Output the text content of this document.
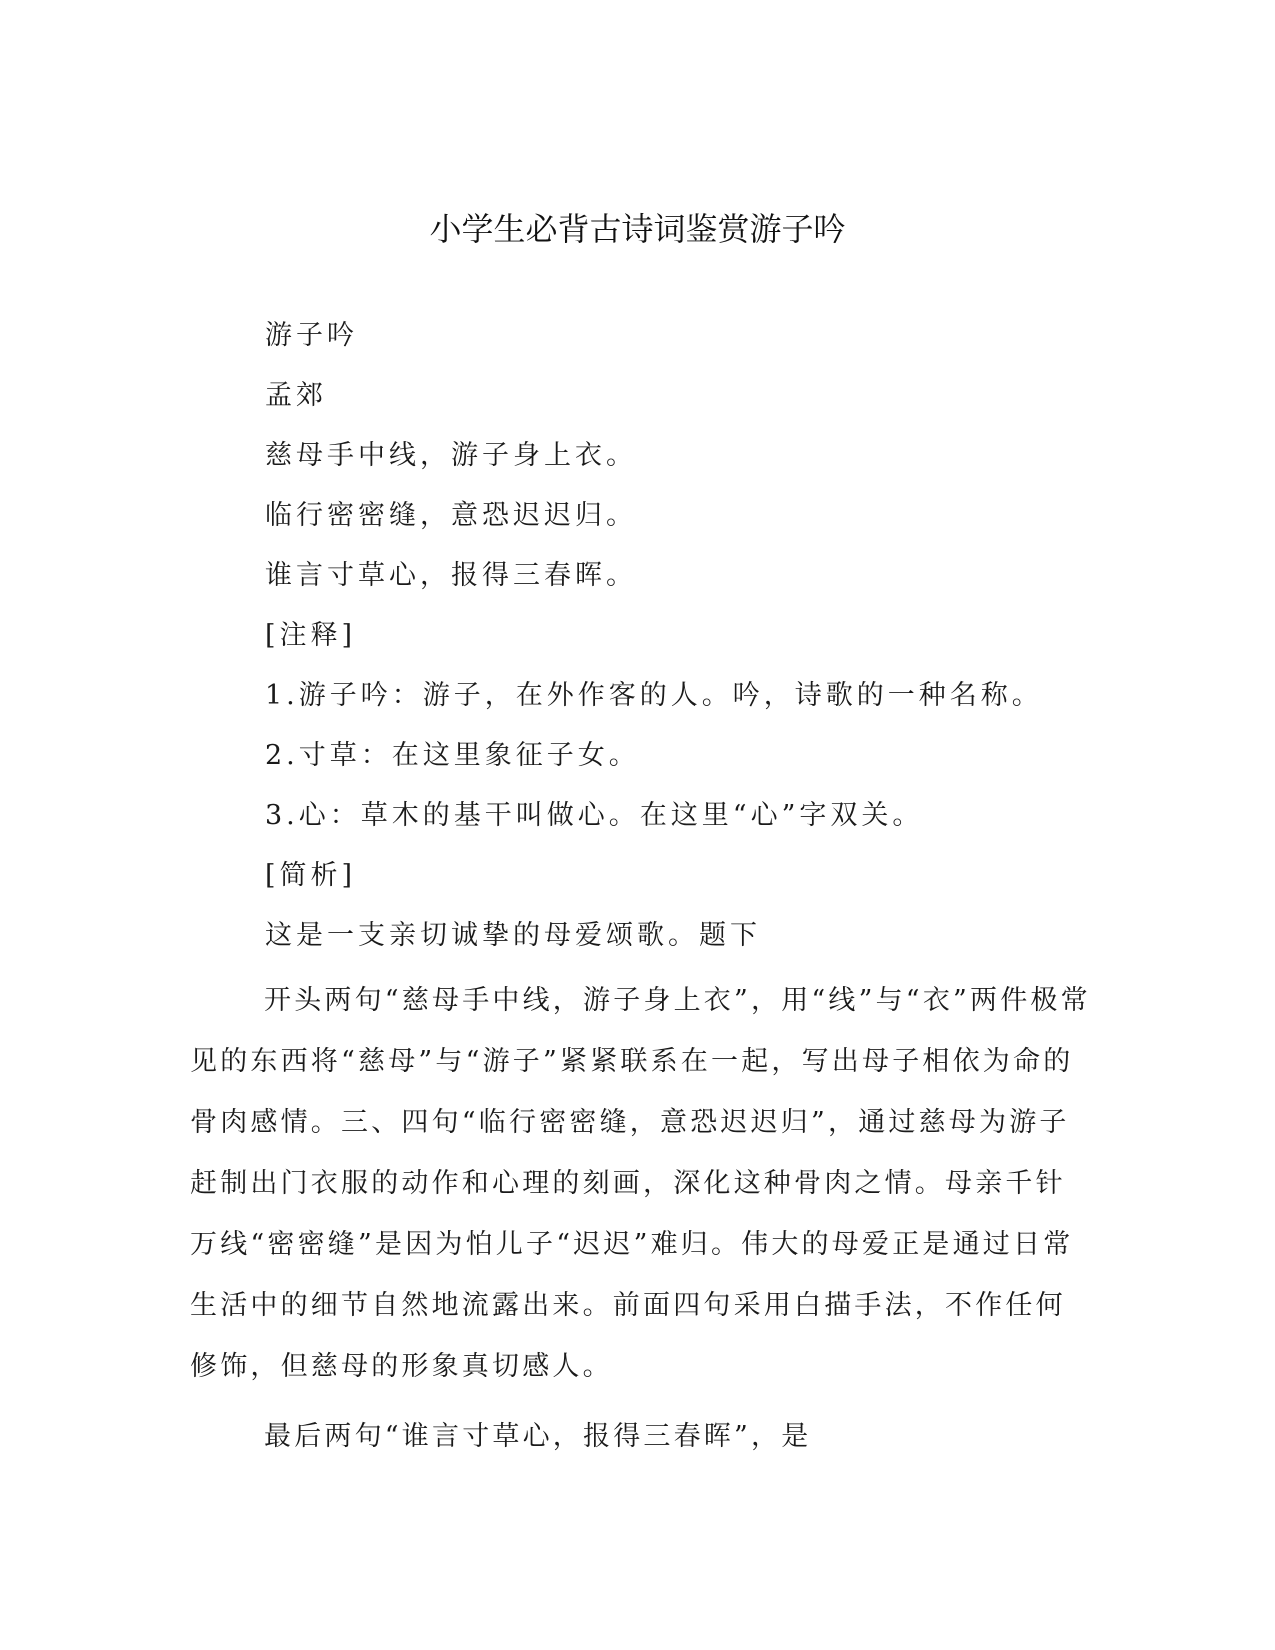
小学生必背古诗词鉴赏游子吟
游子吟
孟郊
慈母手中线，游子身上衣。
临行密密缝，意恐迟迟归。
谁言寸草心，报得三春晖。
[注释]
1.游子吟：游子，在外作客的人。吟，诗歌的一种名称。
2.寸草：在这里象征子女。
3.心：草木的基干叫做心。在这里“心”字双关。
[简析]
这是一支亲切诚挚的母爱颂歌。题下

开头两句“慈母手中线，游子身上衣”，用“线”与“衣”两件极常见的东西将“慈母”与“游子”紧紧联系在一起，写出母子相依为命的骨肉感情。三、四句“临行密密缝，意恐迟迟归”，通过慈母为游子赶制出门衣服的动作和心理的刻画，深化这种骨肉之情。母亲千针万线“密密缝”是因为怕儿子“迟迟”难归。伟大的母爱正是通过日常生活中的细节自然地流露出来。前面四句采用白描手法，不作任何修饰，但慈母的形象真切感人。

最后两句“谁言寸草心，报得三春晖”，是
